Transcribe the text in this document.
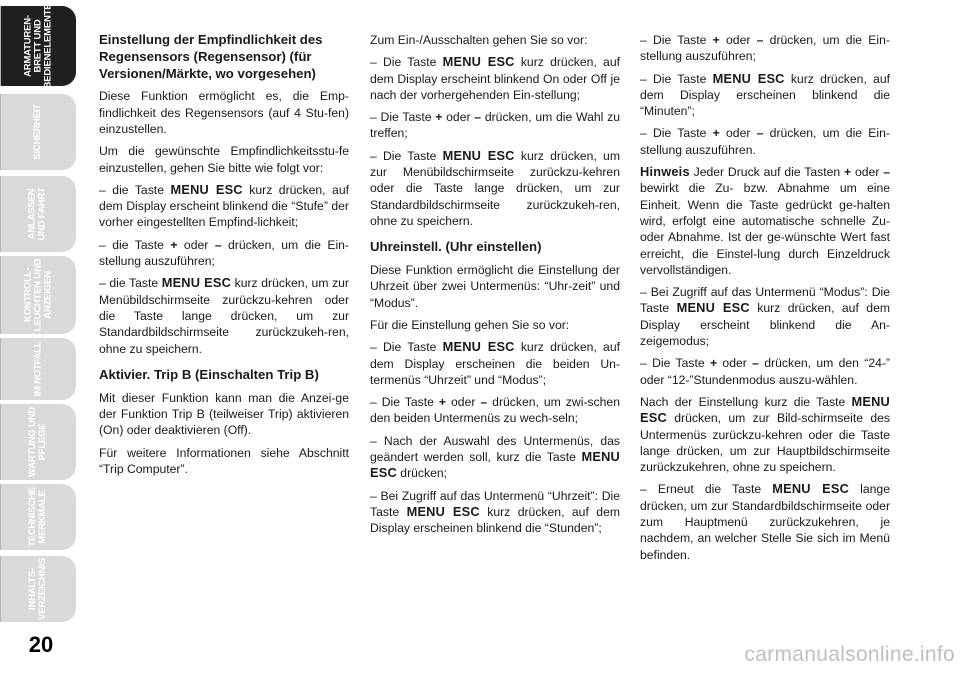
ARMATUREN-
BRETT UND
BEDIENELEMENTE
SICHERHEIT
ANLASSEN
UND FAHRT
KONTROLL-
LEUCHTEN UND
ANZEIGEN
IM NOTFALL
WARTUNG UND
PFLEGE
TECHNISCHE
MERKMALE
INHALTS-
VERZEICHNIS
20
Einstellung der Empfindlichkeit des Regensensors (Regensensor) (für Versionen/Märkte, wo vorgesehen)

Diese Funktion ermöglicht es, die Emp-findlichkeit des Regensensors (auf 4 Stu-fen) einzustellen.

Um die gewünschte Empfindlichkeitsstu-fe einzustellen, gehen Sie bitte wie folgt vor:

– die Taste MENU ESC kurz drücken, auf dem Display erscheint blinkend die “Stufe” der vorher eingestellten Empfind-lichkeit;

– die Taste + oder – drücken, um die Ein-stellung auszuführen;

– die Taste MENU ESC kurz drücken, um zur Menübildschirmseite zurückzu-kehren oder die Taste lange drücken, um zur Standardbildschirmseite zurückzukeh-ren, ohne zu speichern.

Aktivier. Trip B (Einschalten Trip B)

Mit dieser Funktion kann man die Anzei-ge der Funktion Trip B (teilweiser Trip) aktivieren (On) oder deaktivieren (Off).

Für weitere Informationen siehe Abschnitt “Trip Computer”.

Zum Ein-/Ausschalten gehen Sie so vor:

– Die Taste MENU ESC kurz drücken, auf dem Display erscheint blinkend On oder Off je nach der vorhergehenden Ein-stellung;

– Die Taste + oder – drücken, um die Wahl zu treffen;

– Die Taste MENU ESC kurz drücken, um zur Menübildschirmseite zurückzu-kehren oder die Taste lange drücken, um zur Standardbildschirmseite zurückzukeh-ren, ohne zu speichern.

Uhreinstell. (Uhr einstellen)

Diese Funktion ermöglicht die Einstellung der Uhrzeit über zwei Untermenüs: “Uhr-zeit” und “Modus”.

Für die Einstellung gehen Sie so vor:

– Die Taste MENU ESC kurz drücken, auf dem Display erscheinen die beiden Un-termenüs “Uhrzeit” und “Modus”;

– Die Taste + oder – drücken, um zwi-schen den beiden Untermenüs zu wech-seln;

– Nach der Auswahl des Untermenüs, das geändert werden soll, kurz die Taste MENU ESC drücken;

– Bei Zugriff auf das Untermenü “Uhrzeit”: Die Taste MENU ESC kurz drücken, auf dem Display erscheinen blinkend die “Stunden”;

– Die Taste + oder – drücken, um die Ein-stellung auszuführen;

– Die Taste MENU ESC kurz drücken, auf dem Display erscheinen blinkend die “Minuten”;

– Die Taste + oder – drücken, um die Ein-stellung auszuführen.

Hinweis Jeder Druck auf die Tasten + oder – bewirkt die Zu- bzw. Abnahme um eine Einheit. Wenn die Taste gedrückt ge-halten wird, erfolgt eine automatische schnelle Zu- oder Abnahme. Ist der ge-wünschte Wert fast erreicht, die Einstel-lung durch Einzeldruck vervollständigen.

– Bei Zugriff auf das Untermenü “Modus”: Die Taste MENU ESC kurz drücken, auf dem Display erscheint blinkend die An-zeigemodus;

– Die Taste + oder – drücken, um den “24-” oder “12-”Stundenmodus auszu-wählen.

Nach der Einstellung kurz die Taste MENU ESC drücken, um zur Bild-schirmseite des Untermenüs zurückzu-kehren oder die Taste lange drücken, um zur Hauptbildschirmseite zurückzukehren, ohne zu speichern.

– Erneut die Taste MENU ESC lange drücken, um zur Standardbildschirmseite oder zum Hauptmenü zurückzukehren, je nachdem, an welcher Stelle Sie sich im Menü befinden.

carmanualsonline.info
